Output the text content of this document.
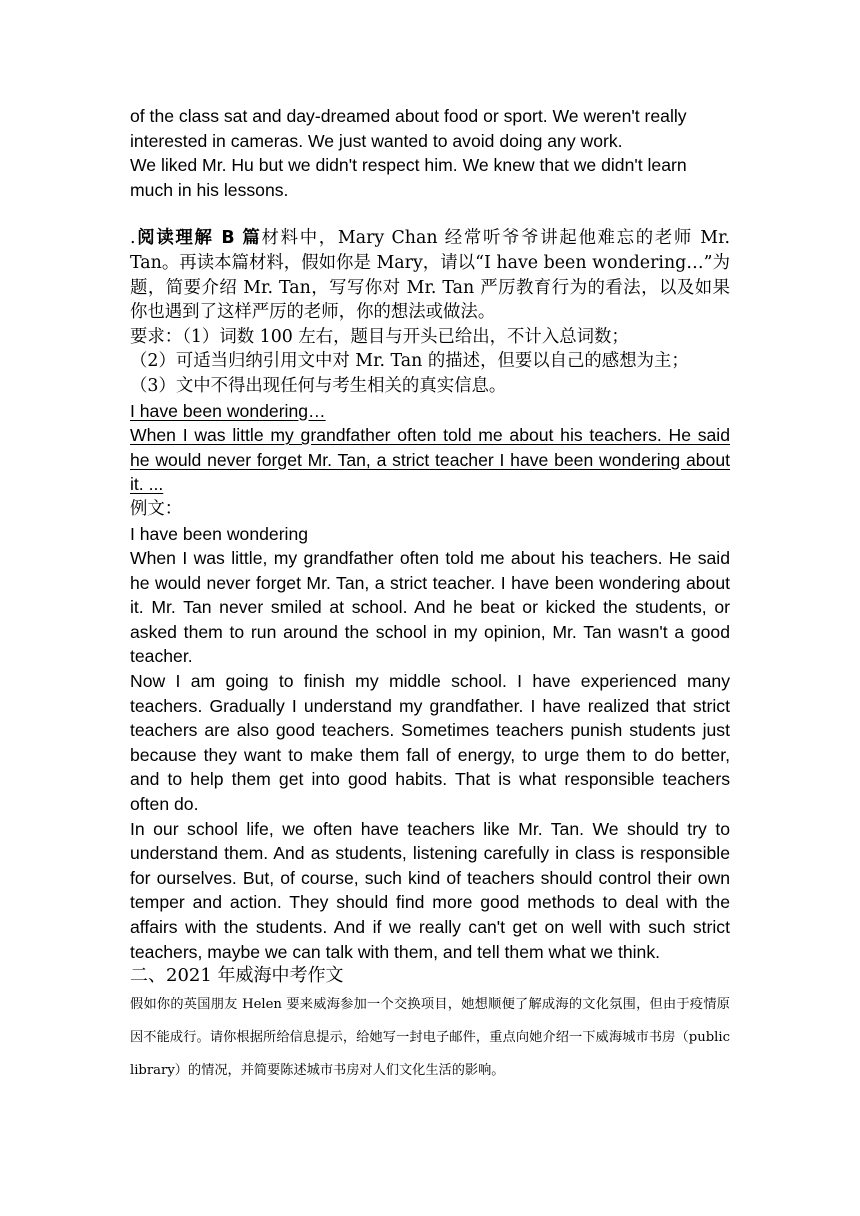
of the class sat and day-dreamed about food or sport. We weren't really interested in cameras. We just wanted to avoid doing any work.

We liked Mr. Hu but we didn't respect him. We knew that we didn't learn much in his lessons.

.阅读理解 B 篇材料中，Mary Chan 经常听爷爷讲起他难忘的老师 Mr. Tan。再读本篇材料，假如你是 Mary，请以“I have been wondering…”为题，简要介绍 Mr. Tan，写写你对 Mr. Tan 严厉教育行为的看法，以及如果你也遇到了这样严厉的老师，你的想法或做法。

要求：（1）词数 100 左右，题目与开头已给出，不计入总词数；

（2）可适当归纳引用文中对 Mr. Tan 的描述，但要以自己的感想为主；

（3）文中不得出现任何与考生相关的真实信息。

I have been wondering…

When I was little my grandfather often told me about his teachers. He said he would never forget Mr. Tan, a strict teacher I have been wondering about it. ...

例文：

I have been wondering

When I was little, my grandfather often told me about his teachers. He said he would never forget Mr. Tan, a strict teacher. I have been wondering about it. Mr. Tan never smiled at school. And he beat or kicked the students, or asked them to run around the school in my opinion, Mr. Tan wasn't a good teacher.

Now I am going to finish my middle school. I have experienced many teachers. Gradually I understand my grandfather. I have realized that strict teachers are also good teachers. Sometimes teachers punish students just because they want to make them fall of energy, to urge them to do better, and to help them get into good habits. That is what responsible teachers often do.

In our school life, we often have teachers like Mr. Tan. We should try to understand them. And as students, listening carefully in class is responsible for ourselves. But, of course, such kind of teachers should control their own temper and action. They should find more good methods to deal with the affairs with the students. And if we really can't get on well with such strict teachers, maybe we can talk with them, and tell them what we think.

二、2021 年威海中考作文

假如你的英国朋友 Helen 要来威海参加一个交换项目，她想顺便了解成海的文化氛围，但由于疫情原因不能成行。请你根据所给信息提示，给她写一封电子邮件，重点向她介绍一下威海城市书房（public library）的情况，并简要陈述城市书房对人们文化生活的影响。
